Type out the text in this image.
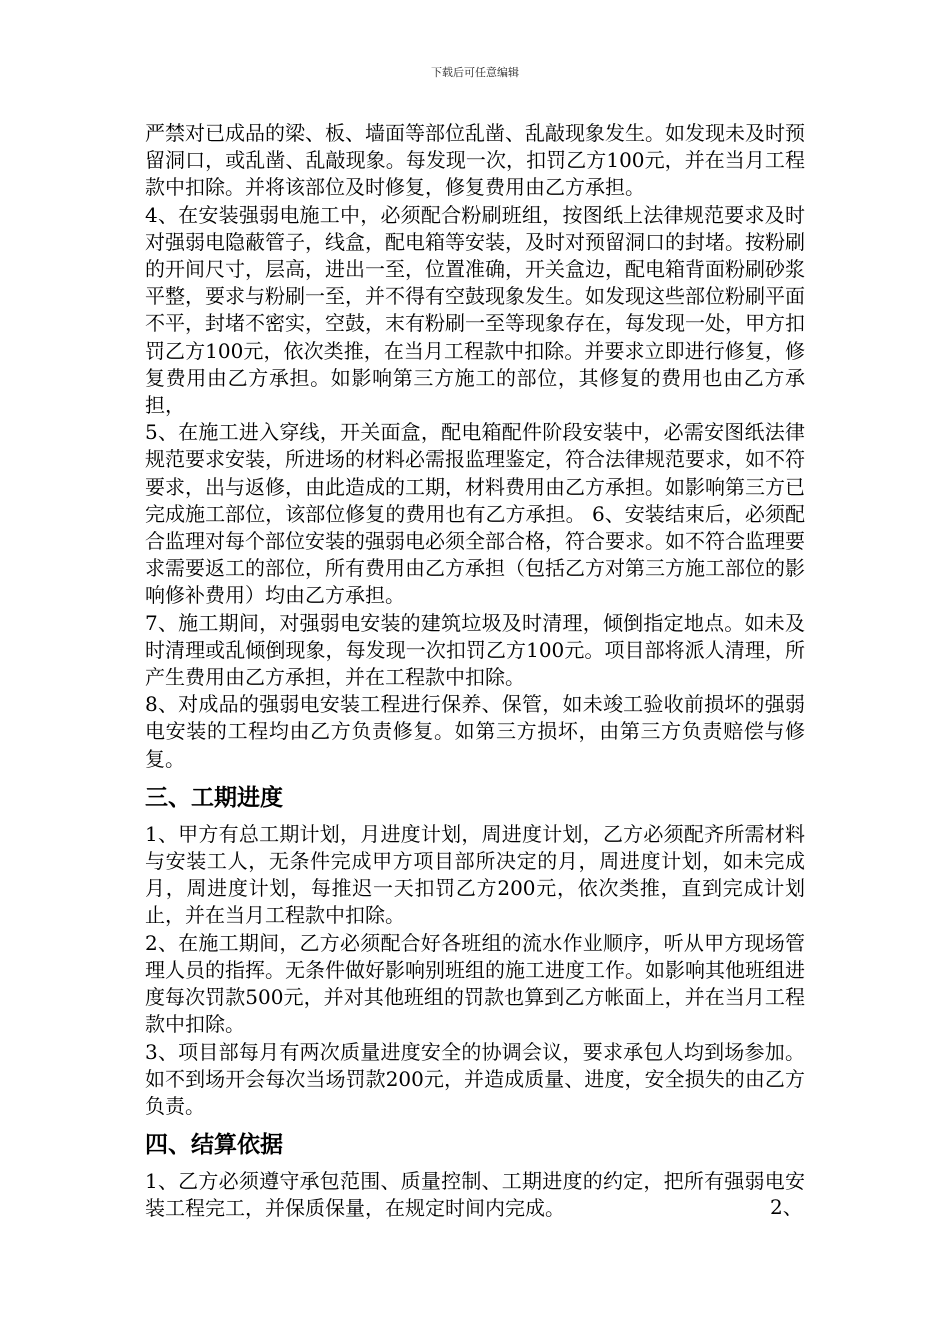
下载后可任意编辑

严禁对已成品的梁、板、墙面等部位乱凿、乱敲现象发生。如发现未及时预留洞口，或乱凿、乱敲现象。每发现一次，扣罚乙方100元，并在当月工程款中扣除。并将该部位及时修复，修复费用由乙方承担。

4、在安装强弱电施工中，必须配合粉刷班组，按图纸上法律规范要求及时对强弱电隐蔽管子，线盒，配电箱等安装，及时对预留洞口的封堵。按粉刷的开间尺寸，层高，进出一至，位置准确，开关盒边，配电箱背面粉刷砂浆平整，要求与粉刷一至，并不得有空鼓现象发生。如发现这些部位粉刷平面不平，封堵不密实，空鼓，末有粉刷一至等现象存在，每发现一处，甲方扣罚乙方100元，依次类推，在当月工程款中扣除。并要求立即进行修复，修复费用由乙方承担。如影响第三方施工的部位，其修复的费用也由乙方承担，

5、在施工进入穿线，开关面盒，配电箱配件阶段安装中，必需安图纸法律规范要求安装，所进场的材料必需报监理鉴定，符合法律规范要求，如不符要求，出与返修，由此造成的工期，材料费用由乙方承担。如影响第三方已完成施工部位，该部位修复的费用也有乙方承担。 6、安装结束后，必须配合监理对每个部位安装的强弱电必须全部合格，符合要求。如不符合监理要求需要返工的部位，所有费用由乙方承担（包括乙方对第三方施工部位的影响修补费用）均由乙方承担。

7、施工期间，对强弱电安装的建筑垃圾及时清理，倾倒指定地点。如未及时清理或乱倾倒现象，每发现一次扣罚乙方100元。项目部将派人清理，所产生费用由乙方承担，并在工程款中扣除。

8、对成品的强弱电安装工程进行保养、保管，如未竣工验收前损坏的强弱电安装的工程均由乙方负责修复。如第三方损坏，由第三方负责赔偿与修复。

三、工期进度

1、甲方有总工期计划，月进度计划，周进度计划，乙方必须配齐所需材料与安装工人，无条件完成甲方项目部所决定的月，周进度计划，如未完成月，周进度计划，每推迟一天扣罚乙方200元，依次类推，直到完成计划止，并在当月工程款中扣除。

2、在施工期间，乙方必须配合好各班组的流水作业顺序，听从甲方现场管理人员的指挥。无条件做好影响别班组的施工进度工作。如影响其他班组进度每次罚款500元，并对其他班组的罚款也算到乙方帐面上，并在当月工程款中扣除。

3、项目部每月有两次质量进度安全的协调会议，要求承包人均到场参加。如不到场开会每次当场罚款200元，并造成质量、进度，安全损失的由乙方负责。

四、结算依据

1、乙方必须遵守承包范围、质量控制、工期进度的约定，把所有强弱电安装工程完工，并保质保量，在规定时间内完成。	2、
